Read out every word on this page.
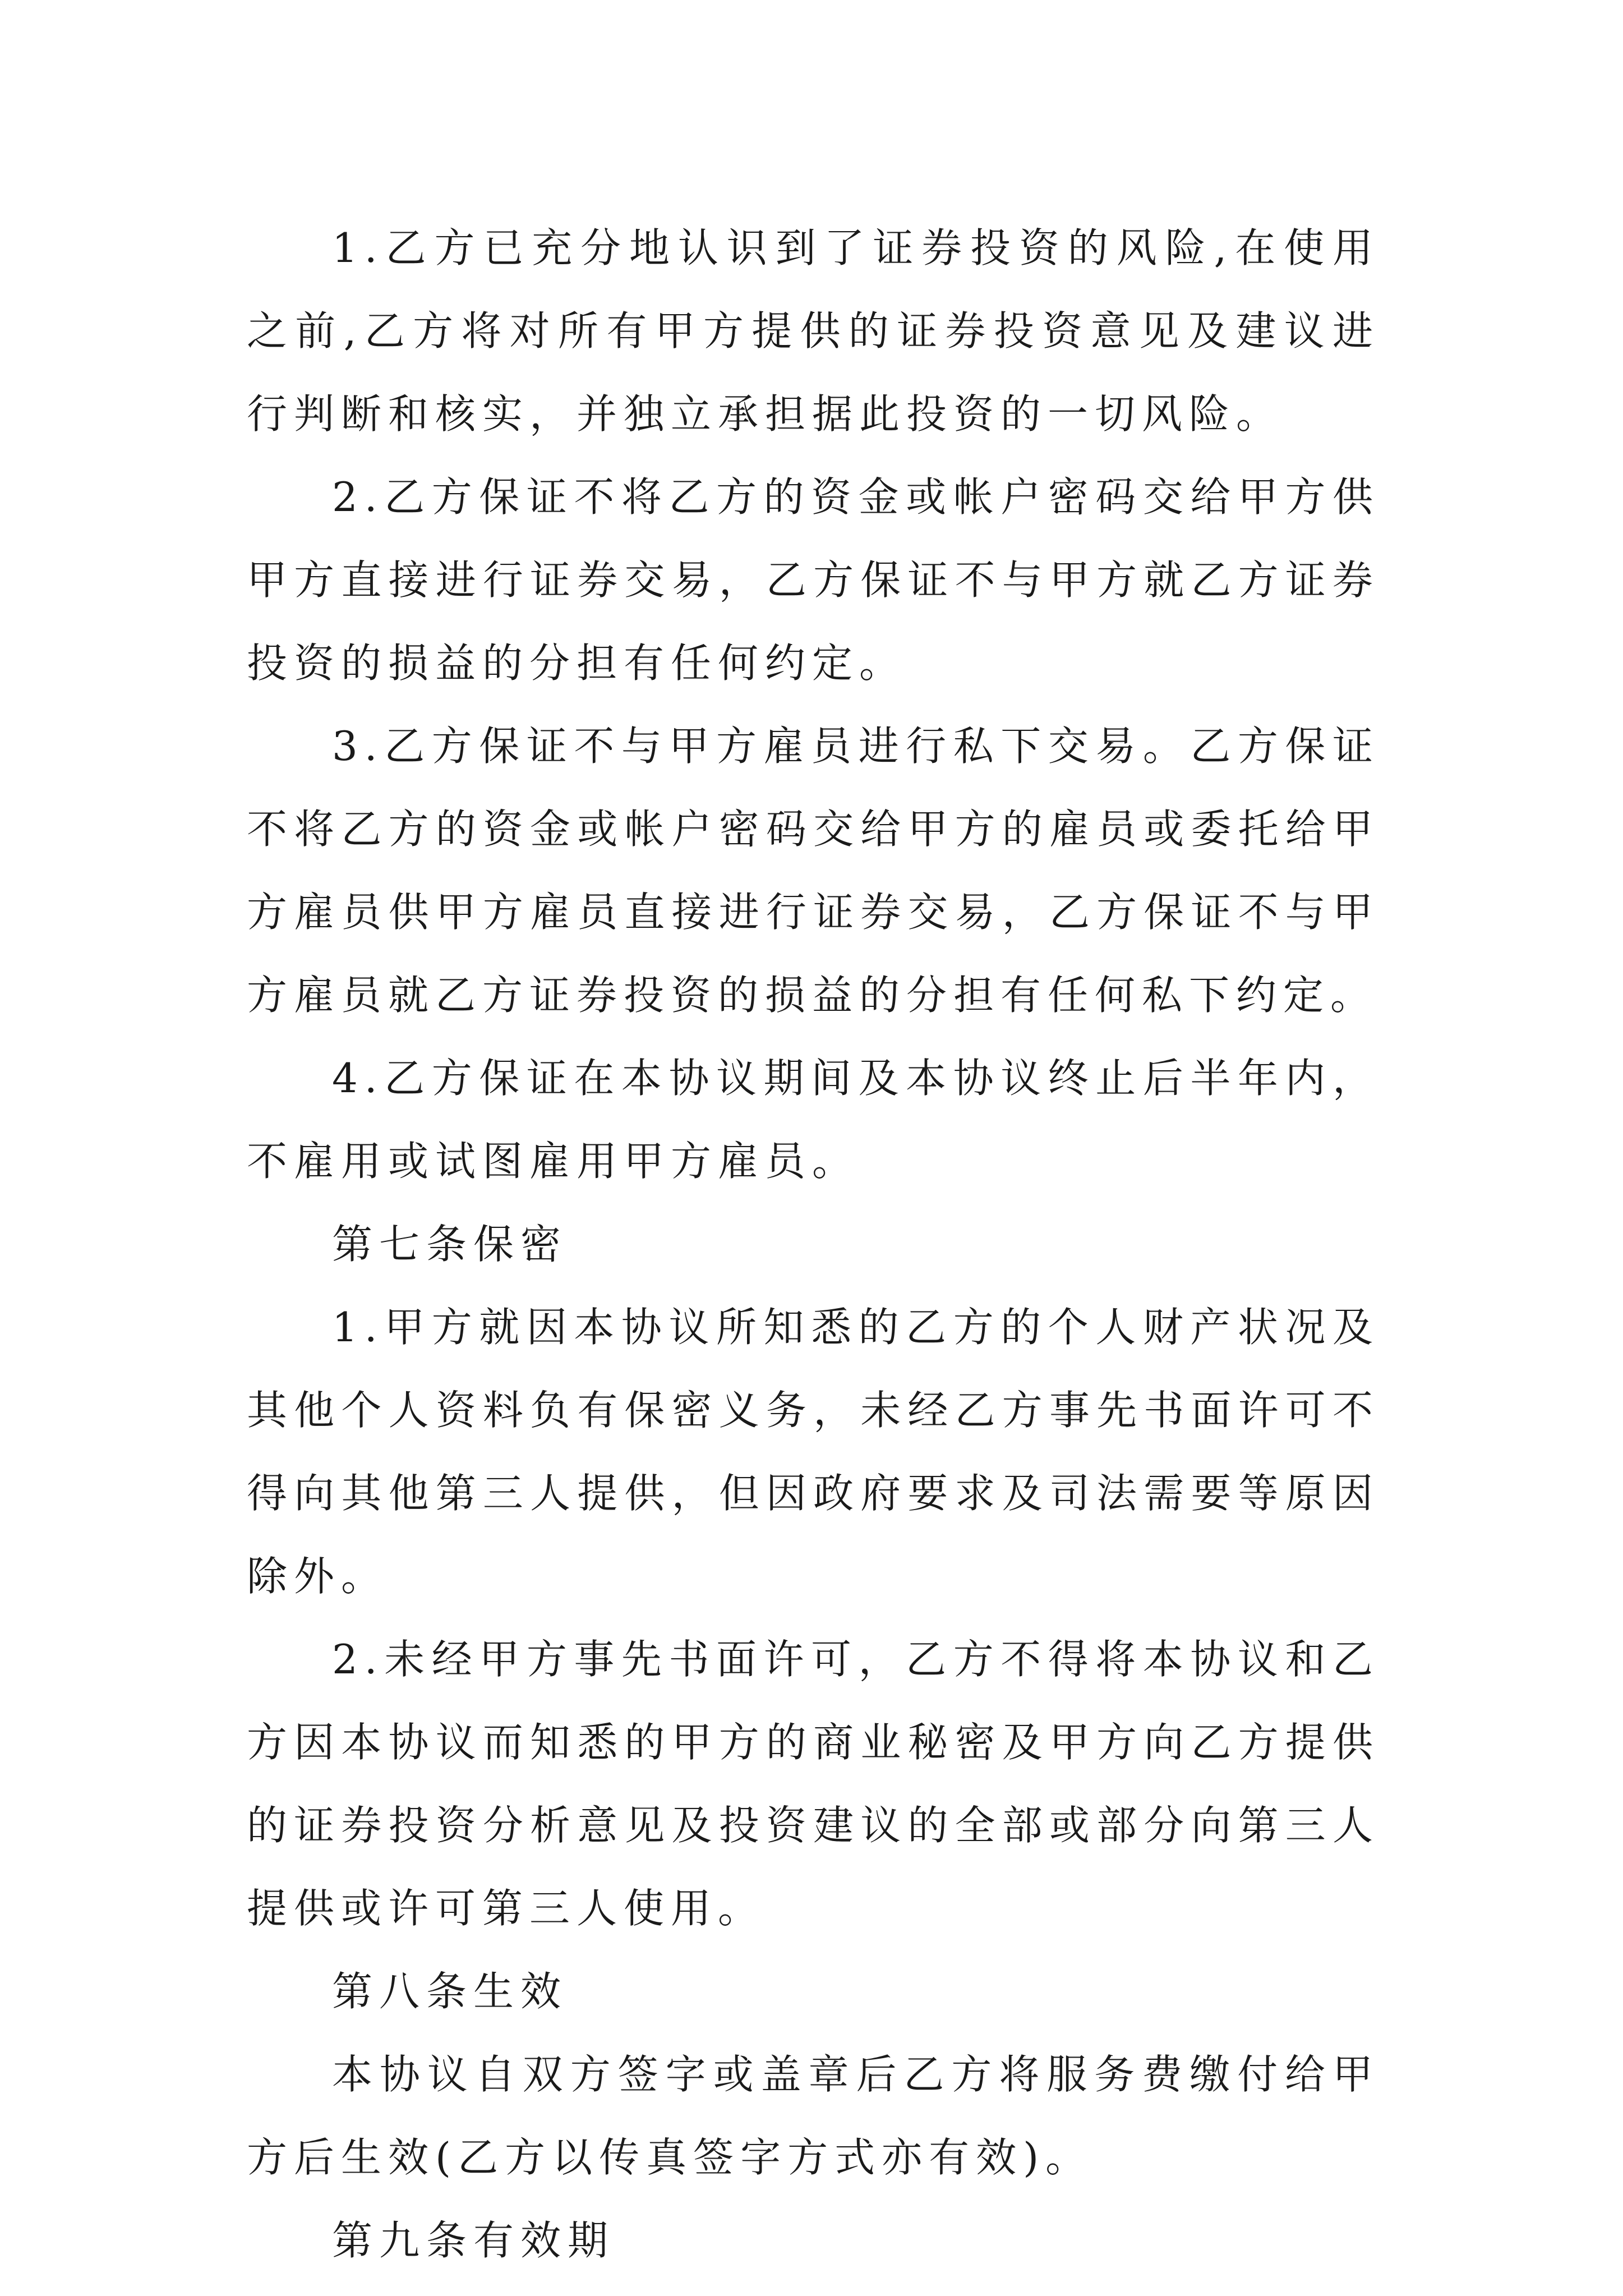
1.乙方已充分地认识到了证券投资的风险,在使用之前,乙方将对所有甲方提供的证券投资意见及建议进行判断和核实，并独立承担据此投资的一切风险。

2.乙方保证不将乙方的资金或帐户密码交给甲方供甲方直接进行证券交易，乙方保证不与甲方就乙方证券投资的损益的分担有任何约定。

3.乙方保证不与甲方雇员进行私下交易。乙方保证不将乙方的资金或帐户密码交给甲方的雇员或委托给甲方雇员供甲方雇员直接进行证券交易，乙方保证不与甲方雇员就乙方证券投资的损益的分担有任何私下约定。

4.乙方保证在本协议期间及本协议终止后半年内，不雇用或试图雇用甲方雇员。

第七条保密

1.甲方就因本协议所知悉的乙方的个人财产状况及其他个人资料负有保密义务，未经乙方事先书面许可不得向其他第三人提供，但因政府要求及司法需要等原因除外。

2.未经甲方事先书面许可，乙方不得将本协议和乙方因本协议而知悉的甲方的商业秘密及甲方向乙方提供的证券投资分析意见及投资建议的全部或部分向第三人提供或许可第三人使用。

第八条生效

本协议自双方签字或盖章后乙方将服务费缴付给甲方后生效(乙方以传真签字方式亦有效)。

第九条有效期
